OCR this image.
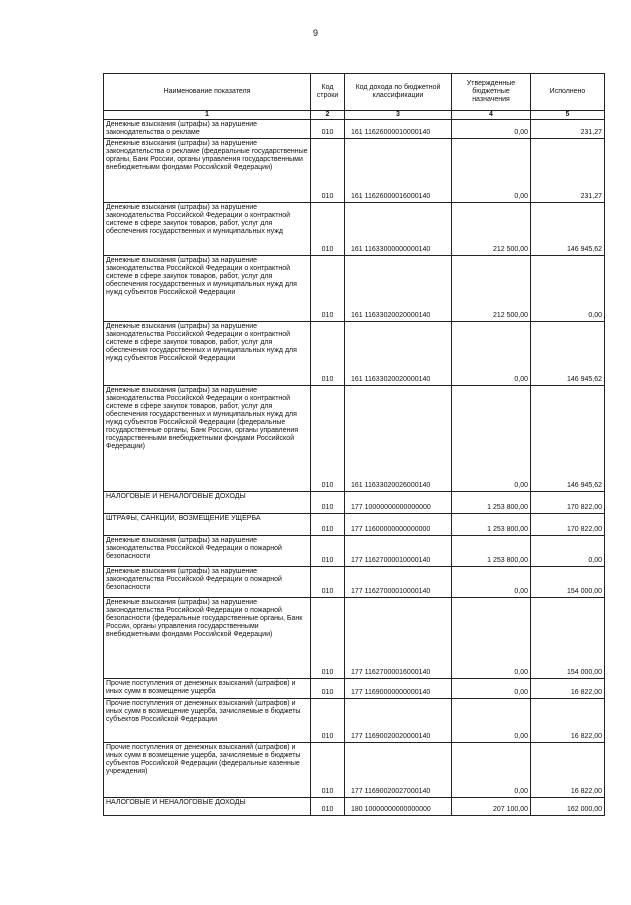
9
Наименование показателя	Код строки	Код дохода по бюджетной классификации	Утвержденные бюджетные назначения	Исполнено
1	2	3	4	5
Денежные взыскания (штрафы) за нарушение законодательства о рекламе	010	161 11626000010000140	0,00	231,27
Денежные взыскания (штрафы) за нарушение законодательства о рекламе (федеральные государственные органы, Банк России, органы управления государственными внебюджетными фондами Российской Федерации)	010	161 11626000016000140	0,00	231,27
Денежные взыскания (штрафы) за нарушение законодательства Российской Федерации о контрактной системе в сфере закупок товаров, работ, услуг для обеспечения государственных и муниципальных нужд	010	161 11633000000000140	212 500,00	146 945,62
Денежные взыскания (штрафы) за нарушение законодательства Российской Федерации о контрактной системе в сфере закупок товаров, работ, услуг для обеспечения государственных и муниципальных нужд для нужд субъектов Российской Федерации	010	161 11633020020000140	212 500,00	0,00
Денежные взыскания (штрафы) за нарушение законодательства Российской Федерации о контрактной системе в сфере закупок товаров, работ, услуг для обеспечения государственных и муниципальных нужд для нужд субъектов Российской Федерации	010	161 11633020020000140	0,00	146 945,62
Денежные взыскания (штрафы) за нарушение законодательства Российской Федерации о контрактной системе в сфере закупок товаров, работ, услуг для обеспечения государственных и муниципальных нужд для нужд субъектов Российской Федерации (федеральные государственные органы, Банк России, органы управления государственными внебюджетными фондами Российской Федерации)	010	161 11633020026000140	0,00	146 945,62
НАЛОГОВЫЕ И НЕНАЛОГОВЫЕ ДОХОДЫ	010	177 10000000000000000	1 253 800,00	170 822,00
ШТРАФЫ, САНКЦИИ, ВОЗМЕЩЕНИЕ УЩЕРБА	010	177 11600000000000000	1 253 800,00	170 822,00
Денежные взыскания (штрафы) за нарушение законодательства Российской Федерации о пожарной безопасности	010	177 11627000010000140	1 253 800,00	0,00
Денежные взыскания (штрафы) за нарушение законодательства Российской Федерации о пожарной безопасности	010	177 11627000010000140	0,00	154 000,00
Денежные взыскания (штрафы) за нарушение законодательства Российской Федерации о пожарной безопасности (федеральные государственные органы, Банк России, органы управления государственными внебюджетными фондами Российской Федерации)	010	177 11627000016000140	0,00	154 000,00
Прочие поступления от денежных взысканий (штрафов) и иных сумм в возмещение ущерба	010	177 11690000000000140	0,00	16 822,00
Прочие поступления от денежных взысканий (штрафов) и иных сумм в возмещение ущерба, зачисляемые в бюджеты субъектов Российской Федерации	010	177 11690020020000140	0,00	16 822,00
Прочие поступления от денежных взысканий (штрафов) и иных сумм в возмещение ущерба, зачисляемые в бюджеты субъектов Российской Федерации (федеральные казенные учреждения)	010	177 11690020027000140	0,00	16 822,00
НАЛОГОВЫЕ И НЕНАЛОГОВЫЕ ДОХОДЫ	010	180 10000000000000000	207 100,00	162 000,00
